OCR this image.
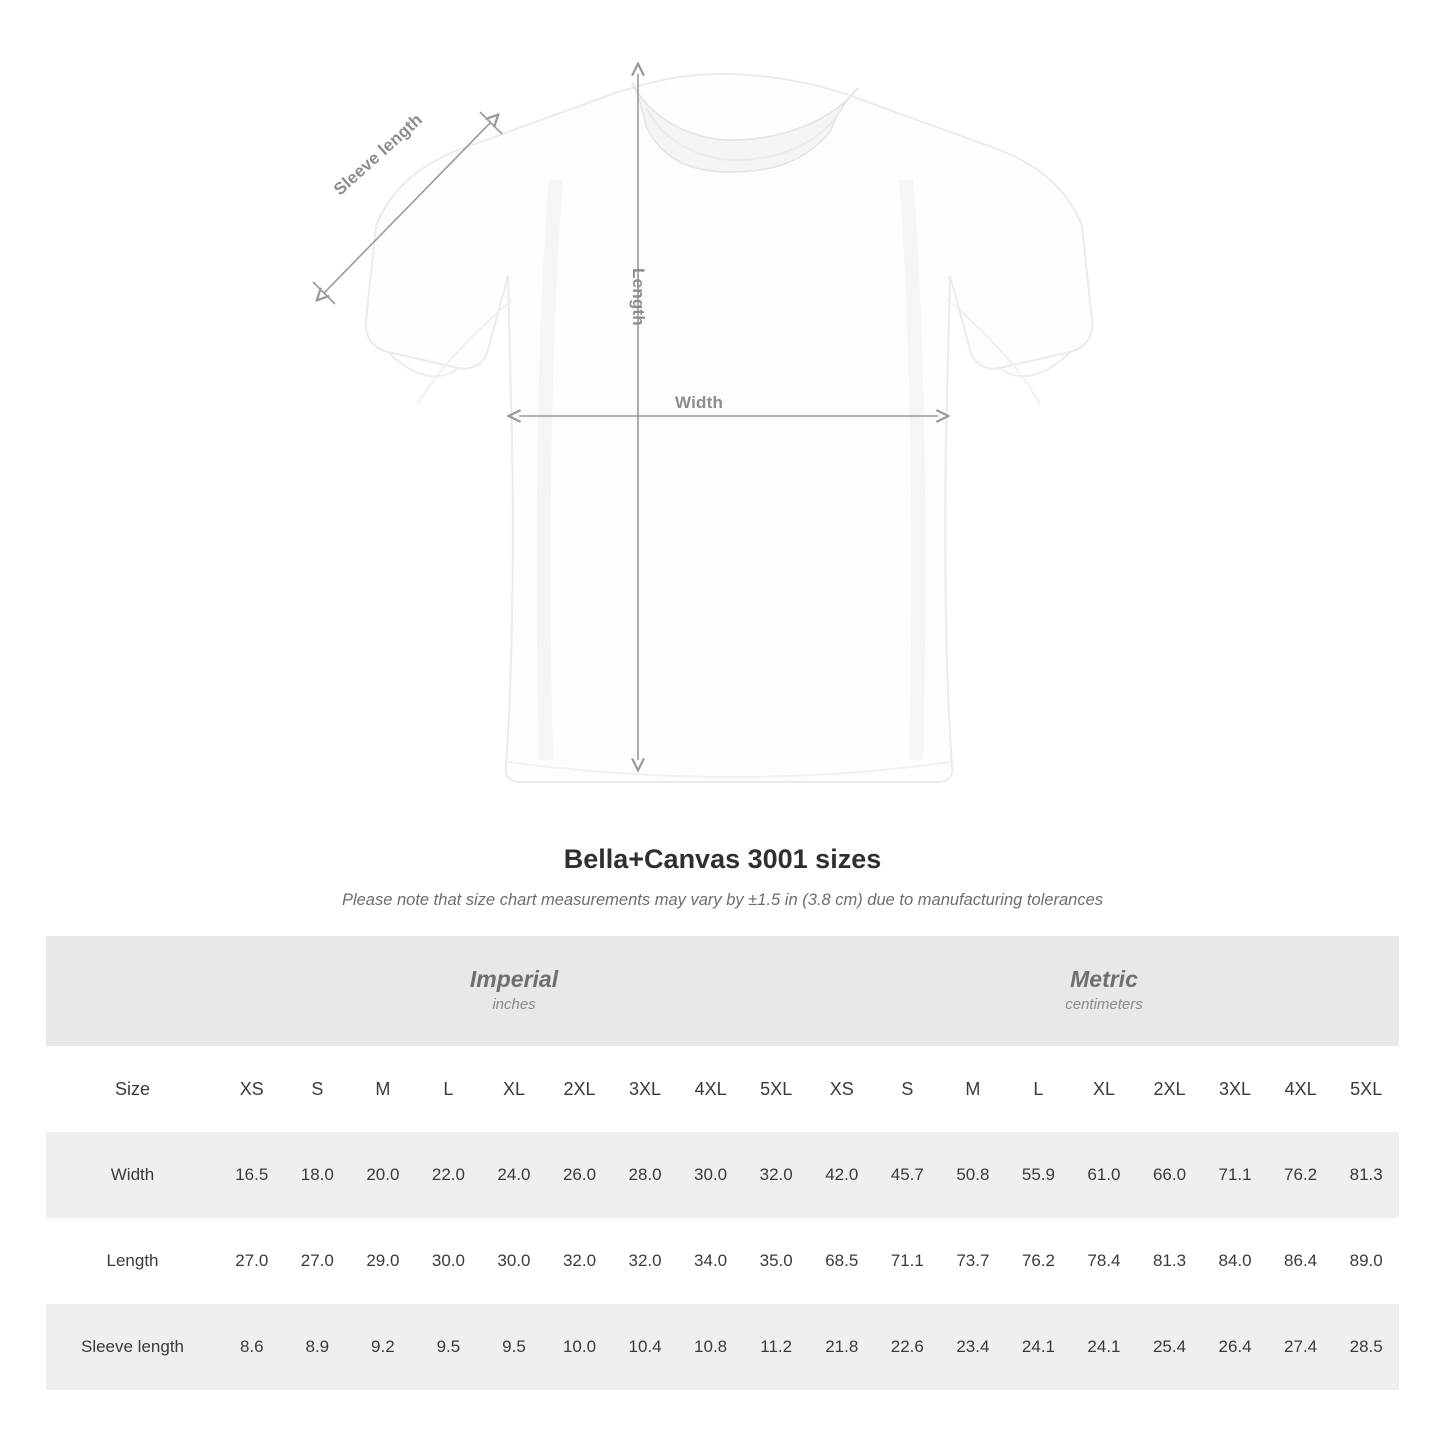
Sleeve length
Length
Width
Bella+Canvas 3001 sizes
Please note that size chart measurements may vary by ±1.5 in (3.8 cm) due to manufacturing tolerances

	Imperial
inches									Metric
centimeters								

Size	XS	S	M	L	XL	2XL	3XL	4XL	5XL	XS	S	M	L	XL	2XL	3XL	4XL	5XL
Width	16.5	18.0	20.0	22.0	24.0	26.0	28.0	30.0	32.0	42.0	45.7	50.8	55.9	61.0	66.0	71.1	76.2	81.3
Length	27.0	27.0	29.0	30.0	30.0	32.0	32.0	34.0	35.0	68.5	71.1	73.7	76.2	78.4	81.3	84.0	86.4	89.0
Sleeve length	8.6	8.9	9.2	9.5	9.5	10.0	10.4	10.8	11.2	21.8	22.6	23.4	24.1	24.1	25.4	26.4	27.4	28.5
